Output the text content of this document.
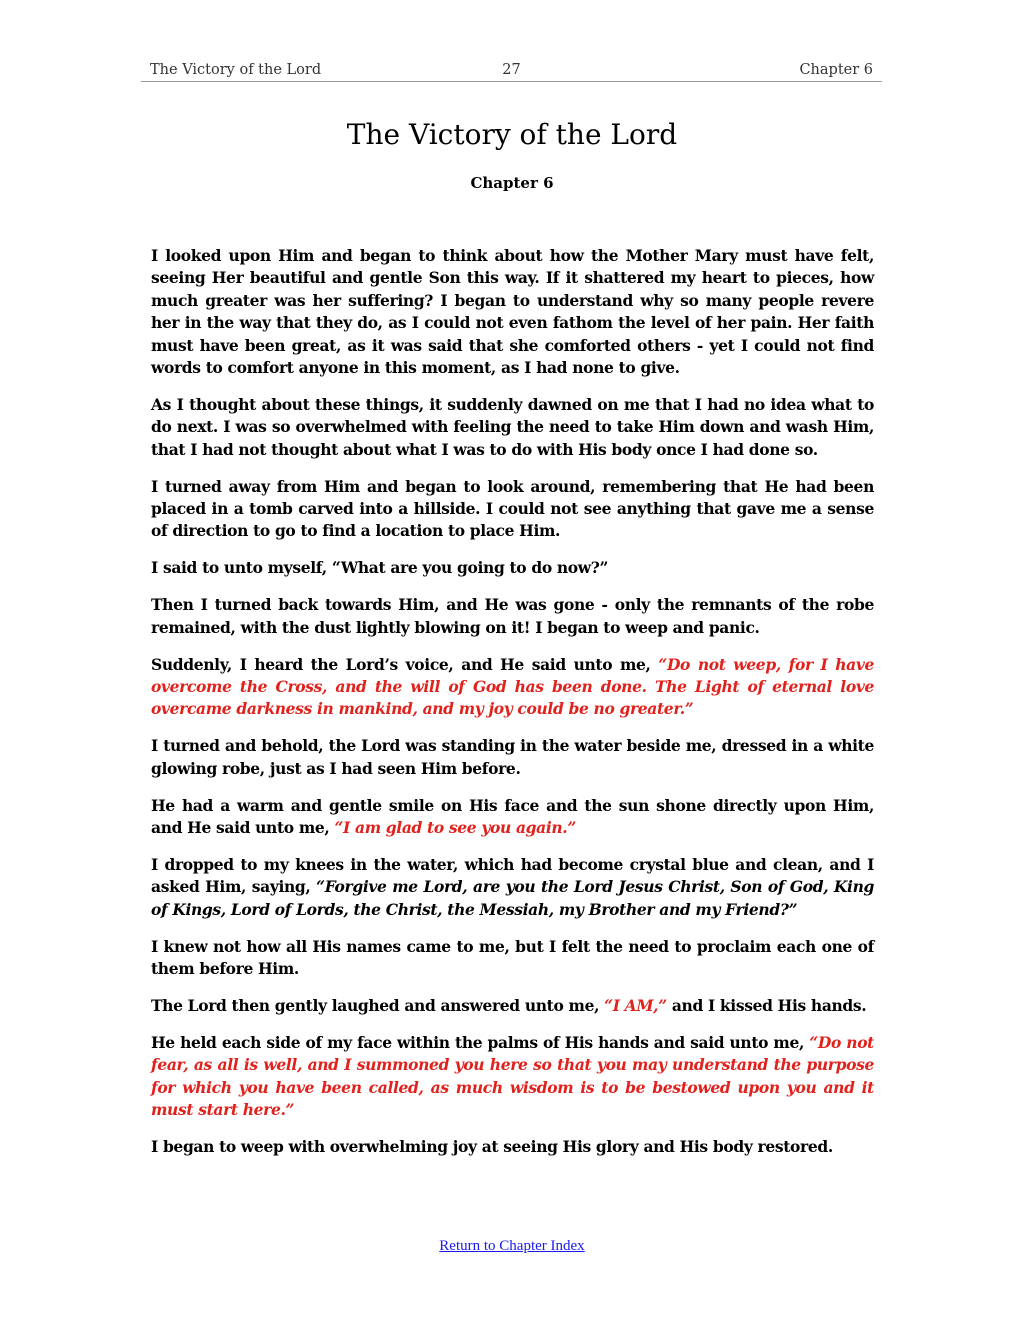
The Victory of the Lord	27	Chapter 6
The Victory of the Lord
Chapter 6

I looked upon Him and began to think about how the Mother Mary must have felt, seeing Her beautiful and gentle Son this way. If it shattered my heart to pieces, how much greater was her suffering? I began to understand why so many people revere her in the way that they do, as I could not even fathom the level of her pain. Her faith must have been great, as it was said that she comforted others - yet I could not find words to comfort anyone in this moment, as I had none to give.

As I thought about these things, it suddenly dawned on me that I had no idea what to do next. I was so overwhelmed with feeling the need to take Him down and wash Him, that I had not thought about what I was to do with His body once I had done so.

I turned away from Him and began to look around, remembering that He had been placed in a tomb carved into a hillside. I could not see anything that gave me a sense of direction to go to find a location to place Him.

I said to unto myself, “What are you going to do now?”

Then I turned back towards Him, and He was gone - only the remnants of the robe remained, with the dust lightly blowing on it! I began to weep and panic.

Suddenly, I heard the Lord’s voice, and He said unto me, “Do not weep, for I have overcome the Cross, and the will of God has been done. The Light of eternal love overcame darkness in mankind, and my joy could be no greater.”

I turned and behold, the Lord was standing in the water beside me, dressed in a white glowing robe, just as I had seen Him before.

He had a warm and gentle smile on His face and the sun shone directly upon Him, and He said unto me, “I am glad to see you again.”

I dropped to my knees in the water, which had become crystal blue and clean, and I asked Him, saying, “Forgive me Lord, are you the Lord Jesus Christ, Son of God, King of Kings, Lord of Lords, the Christ, the Messiah, my Brother and my Friend?”

I knew not how all His names came to me, but I felt the need to proclaim each one of them before Him.

The Lord then gently laughed and answered unto me, “I AM,” and I kissed His hands.

He held each side of my face within the palms of His hands and said unto me, “Do not fear, as all is well, and I summoned you here so that you may understand the purpose for which you have been called, as much wisdom is to be bestowed upon you and it must start here.”

I began to weep with overwhelming joy at seeing His glory and His body restored.

Return to Chapter Index
